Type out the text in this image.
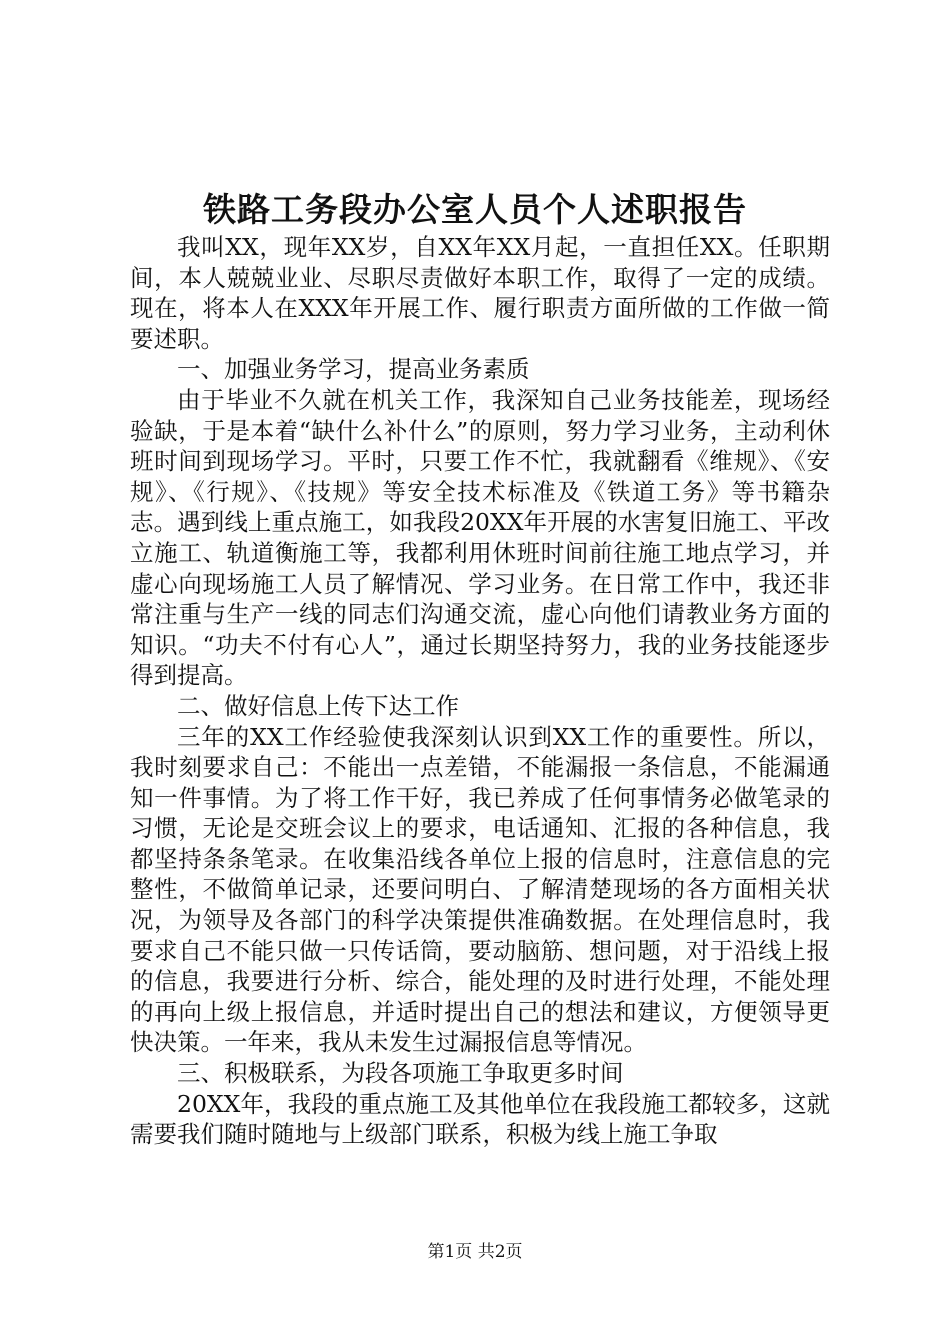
铁路工务段办公室人员个人述职报告

我叫XX，现年XX岁，自XX年XX月起，一直担任XX。任职期间，本人兢兢业业、尽职尽责做好本职工作，取得了一定的成绩。现在，将本人在XXX年开展工作、履行职责方面所做的工作做一简要述职。

一、加强业务学习，提高业务素质

由于毕业不久就在机关工作，我深知自己业务技能差，现场经验缺，于是本着“缺什么补什么”的原则，努力学习业务，主动利休班时间到现场学习。平时，只要工作不忙，我就翻看《维规》、《安规》、《行规》、《技规》等安全技术标准及《铁道工务》等书籍杂志。遇到线上重点施工，如我段20XX年开展的水害复旧施工、平改立施工、轨道衡施工等，我都利用休班时间前往施工地点学习，并虚心向现场施工人员了解情况、学习业务。在日常工作中，我还非常注重与生产一线的同志们沟通交流，虚心向他们请教业务方面的知识。“功夫不付有心人”，通过长期坚持努力，我的业务技能逐步得到提高。

二、做好信息上传下达工作

三年的XX工作经验使我深刻认识到XX工作的重要性。所以，我时刻要求自己：不能出一点差错，不能漏报一条信息，不能漏通知一件事情。为了将工作干好，我已养成了任何事情务必做笔录的习惯，无论是交班会议上的要求，电话通知、汇报的各种信息，我都坚持条条笔录。在收集沿线各单位上报的信息时，注意信息的完整性，不做简单记录，还要问明白、了解清楚现场的各方面相关状况，为领导及各部门的科学决策提供准确数据。在处理信息时，我要求自己不能只做一只传话筒，要动脑筋、想问题，对于沿线上报的信息，我要进行分析、综合，能处理的及时进行处理，不能处理的再向上级上报信息，并适时提出自己的想法和建议，方便领导更快决策。一年来，我从未发生过漏报信息等情况。

三、积极联系，为段各项施工争取更多时间

20XX年，我段的重点施工及其他单位在我段施工都较多，这就需要我们随时随地与上级部门联系，积极为线上施工争取

第1页 共2页
